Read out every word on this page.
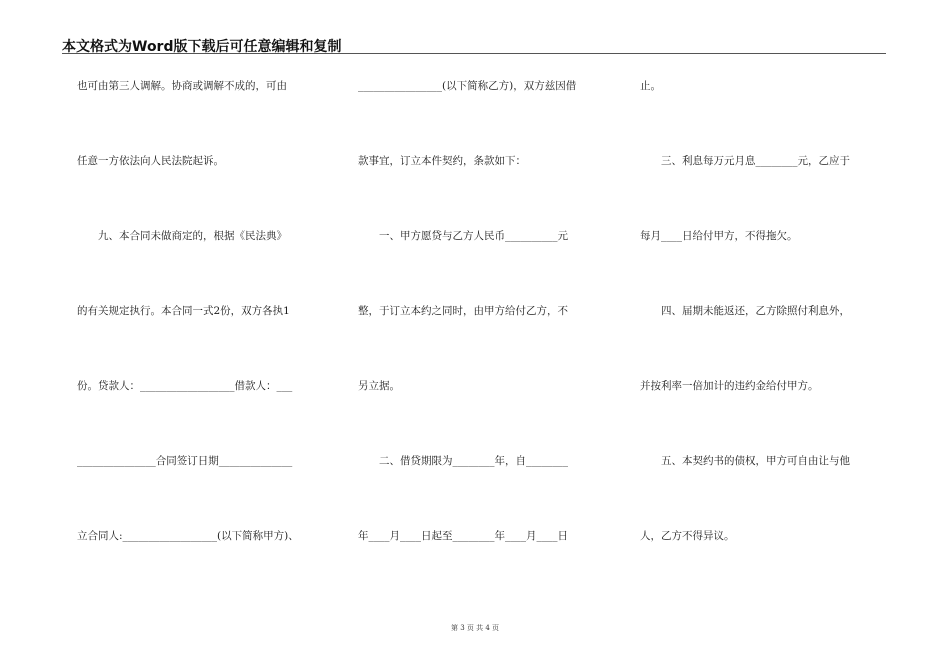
本文格式为Word版下载后可任意编辑和复制
也可由第三人调解。协商或调解不成的，可由
任意一方依法向人民法院起诉。
　　九、本合同未做商定的，根据《民法典》
的有关规定执行。本合同一式2份，双方各执1
份。贷款人：__________________借款人：___
_______________合同签订日期______________
立合同人:__________________(以下简称甲方)、
________________(以下简称乙方)，双方兹因借
款事宜，订立本件契约，条款如下：
　　一、甲方愿贷与乙方人民币__________元
整，于订立本约之同时，由甲方给付乙方，不
另立据。
　　二、借贷期限为________年，自________
年____月____日起至________年____月____日
止。
　　三、利息每万元月息________元，乙应于
每月____日给付甲方，不得拖欠。
　　四、届期未能返还，乙方除照付利息外，
并按利率一倍加计的违约金给付甲方。
　　五、本契约书的债权，甲方可自由让与他
人，乙方不得异议。
第 3 页 共 4 页
